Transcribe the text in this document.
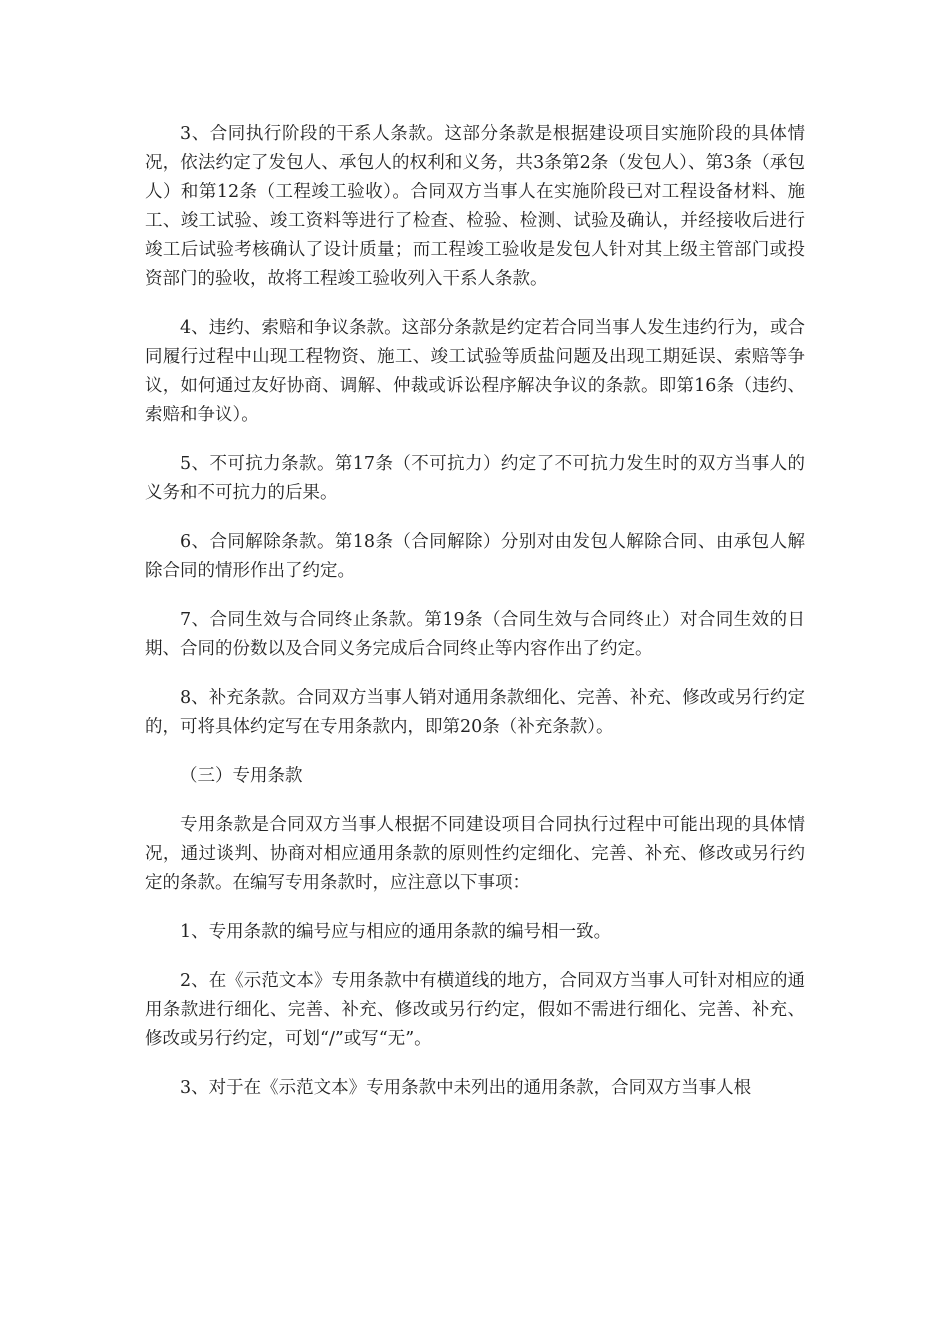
3、合同执行阶段的干系人条款。这部分条款是根据建设项目实施阶段的具体情况，依法约定了发包人、承包人的权利和义务，共3条第2条（发包人）、第3条（承包人）和第12条（工程竣工验收）。合同双方当事人在实施阶段已对工程设备材料、施工、竣工试验、竣工资料等进行了检查、检验、检测、试验及确认，并经接收后进行竣工后试验考核确认了设计质量；而工程竣工验收是发包人针对其上级主管部门或投资部门的验收，故将工程竣工验收列入干系人条款。

4、违约、索赔和争议条款。这部分条款是约定若合同当事人发生违约行为，或合同履行过程中山现工程物资、施工、竣工试验等质盐问题及出现工期延误、索赔等争议，如何通过友好协商、调解、仲裁或诉讼程序解决争议的条款。即第16条（违约、索赔和争议）。

5、不可抗力条款。第17条（不可抗力）约定了不可抗力发生时的双方当事人的义务和不可抗力的后果。

6、合同解除条款。第18条（合同解除）分别对由发包人解除合同、由承包人解除合同的情形作出了约定。

7、合同生效与合同终止条款。第19条（合同生效与合同终止）对合同生效的日期、合同的份数以及合同义务完成后合同终止等内容作出了约定。

8、补充条款。合同双方当事人销对通用条款细化、完善、补充、修改或另行约定的，可将具体约定写在专用条款内，即第20条（补充条款）。

（三）专用条款

专用条款是合同双方当事人根据不同建设项目合同执行过程中可能出现的具体情况，通过谈判、协商对相应通用条款的原则性约定细化、完善、补充、修改或另行约定的条款。在编写专用条款时，应注意以下事项：

1、专用条款的编号应与相应的通用条款的编号相一致。

2、在《示范文本》专用条款中有横道线的地方，合同双方当事人可针对相应的通用条款进行细化、完善、补充、修改或另行约定，假如不需进行细化、完善、补充、修改或另行约定，可划“/”或写“无”。

3、对于在《示范文本》专用条款中未列出的通用条款，合同双方当事人根
